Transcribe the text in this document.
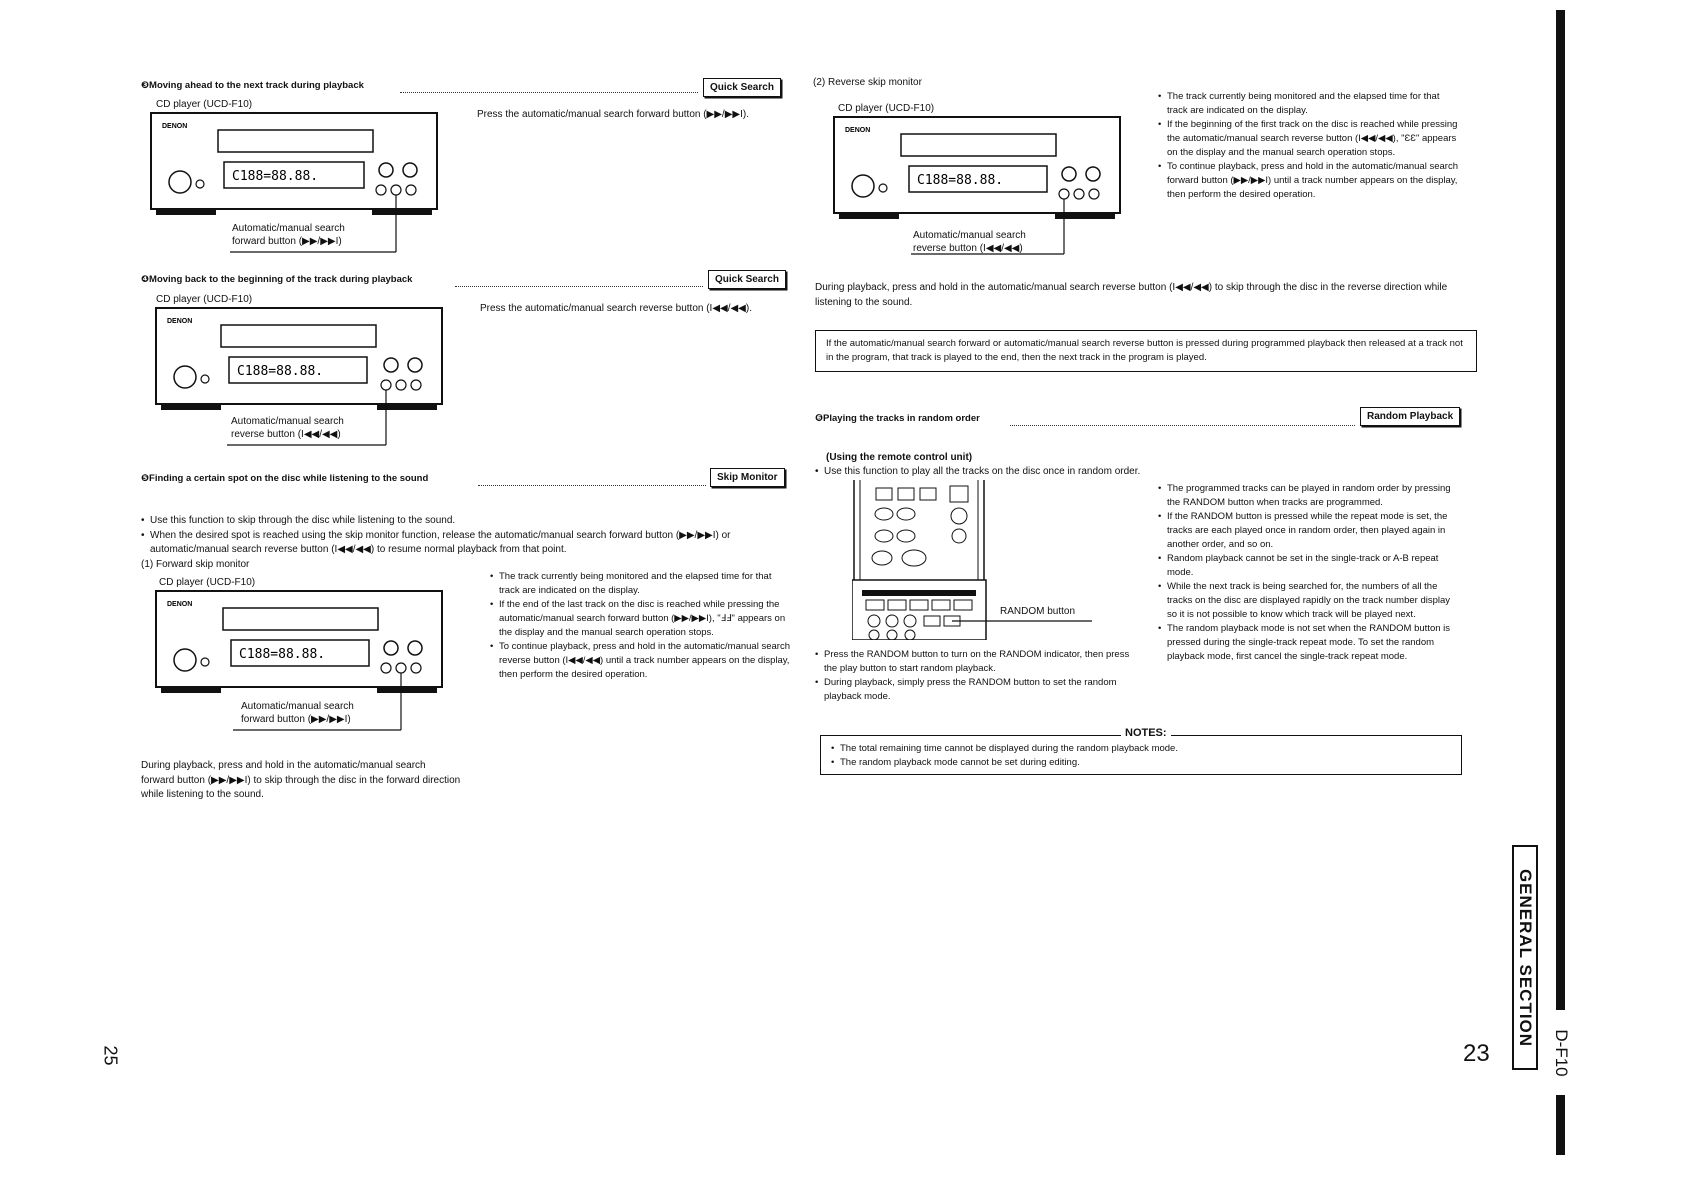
❸Moving ahead to the next track during playback	Quick Search
CD player (UCD-F10)
Press the automatic/manual search forward button (▶▶/▶▶I).
DENON
C188=88.88.
Automatic/manual search
forward button (▶▶/▶▶I)
❹Moving back to the beginning of the track during playback	Quick Search
CD player (UCD-F10)
Press the automatic/manual search reverse button (I◀◀/◀◀).
DENON
C188=88.88.
Automatic/manual search
reverse button (I◀◀/◀◀)
❺Finding a certain spot on the disc while listening to the sound	Skip Monitor
• Use this function to skip through the disc while listening to the sound.
• When the desired spot is reached using the skip monitor function, release the automatic/manual search forward button (▶▶/▶▶I) or automatic/manual search reverse button (I◀◀/◀◀) to resume normal playback from that point.
(1) Forward skip monitor
CD player (UCD-F10)
DENON
C188=88.88.
Automatic/manual search
forward button (▶▶/▶▶I)
• The track currently being monitored and the elapsed time for that track are indicated on the display.
• If the end of the last track on the disc is reached while pressing the automatic/manual search forward button (▶▶/▶▶I), "ℲℲ" appears on the display and the manual search operation stops.
• To continue playback, press and hold in the automatic/manual search reverse button (I◀◀/◀◀) until a track number appears on the display, then perform the desired operation.
During playback, press and hold in the automatic/manual search forward button (▶▶/▶▶I) to skip through the disc in the forward direction while listening to the sound.
(2) Reverse skip monitor
CD player (UCD-F10)
DENON
C188=88.88.
Automatic/manual search
reverse button (I◀◀/◀◀)
• The track currently being monitored and the elapsed time for that track are indicated on the display.
• If the beginning of the first track on the disc is reached while pressing the automatic/manual search reverse button (I◀◀/◀◀), "ƐƐ" appears on the display and the manual search operation stops.
• To continue playback, press and hold in the automatic/manual search forward button (▶▶/▶▶I) until a track number appears on the display, then perform the desired operation.
During playback, press and hold in the automatic/manual search reverse button (I◀◀/◀◀) to skip through the disc in the reverse direction while listening to the sound.
If the automatic/manual search forward or automatic/manual search reverse button is pressed during programmed playback then released at a track not in the program, that track is played to the end, then the next track in the program is played.
❻Playing the tracks in random order	Random Playback
(Using the remote control unit)
• Use this function to play all the tracks on the disc once in random order.
RANDOM button
• Press the RANDOM button to turn on the RANDOM indicator, then press the play button to start random playback.
• During playback, simply press the RANDOM button to set the random playback mode.
• The programmed tracks can be played in random order by pressing the RANDOM button when tracks are programmed.
• If the RANDOM button is pressed while the repeat mode is set, the tracks are each played once in random order, then played again in another order, and so on.
• Random playback cannot be set in the single-track or A-B repeat mode.
• While the next track is being searched for, the numbers of all the tracks on the disc are displayed rapidly on the track number display so it is not possible to know which track will be played next.
• The random playback mode is not set when the RANDOM button is pressed during the single-track repeat mode. To set the random playback mode, first cancel the single-track repeat mode.
NOTES:
• The total remaining time cannot be displayed during the random playback mode.
• The random playback mode cannot be set during editing.
23
GENERAL SECTION
D-F10
25
